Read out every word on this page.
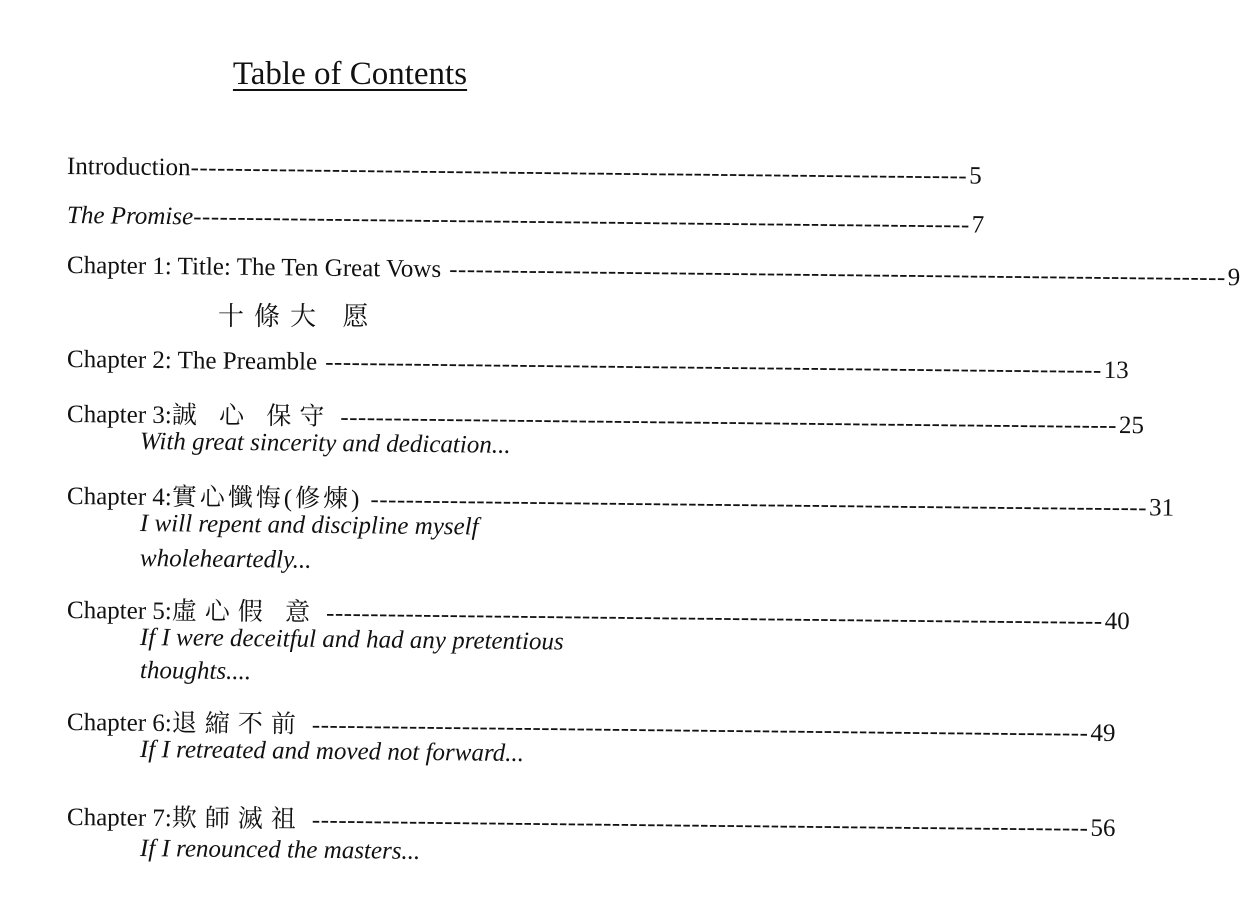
Table of Contents
Introduction ---------------------------------------------------------------------------------------- 5
The Promise ---------------------------------------------------------------------------------------- 7
Chapter 1: Title: The Ten Great Vows ---------------------------------------------------------------------------------------- 9
十條大 愿
Chapter 2: The Preamble ---------------------------------------------------------------------------------------- 13
Chapter 3: 誠 心 保守 ---------------------------------------------------------------------------------------- 25
With great sincerity and dedication...
Chapter 4: 實心懺悔(修煉) ---------------------------------------------------------------------------------------- 31
I will repent and discipline myself
wholeheartedly...
Chapter 5: 虛心假 意 ---------------------------------------------------------------------------------------- 40
If I were deceitful and had any pretentious
thoughts....
Chapter 6: 退縮不前 ---------------------------------------------------------------------------------------- 49
If I retreated and moved not forward...
Chapter 7: 欺師滅祖 ---------------------------------------------------------------------------------------- 56
If I renounced the masters...
